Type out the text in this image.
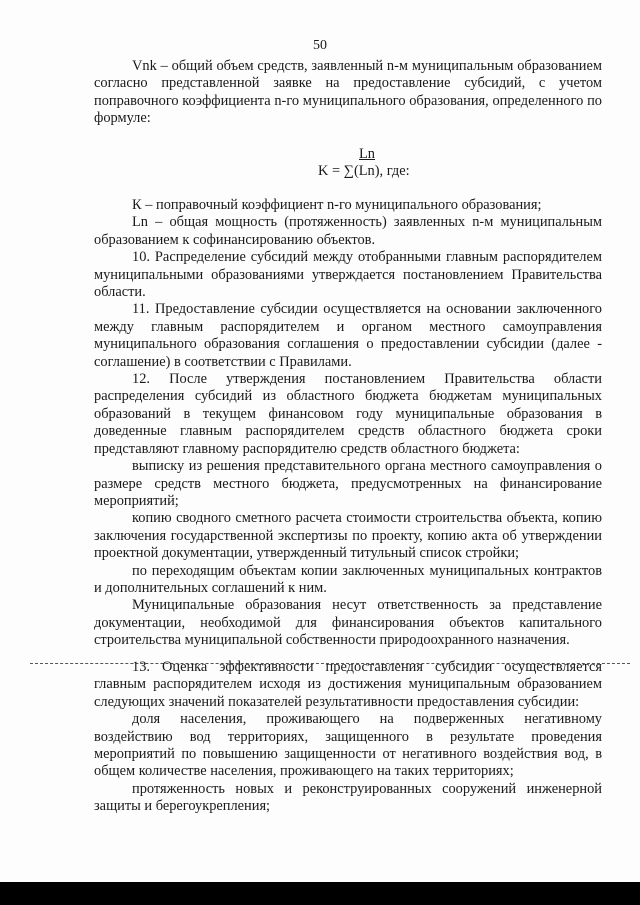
50

Vnk – общий объем средств, заявленный n-м муниципальным образованием согласно представленной заявке на предоставление субсидий, с учетом поправочного коэффициента n-го муниципального образования, определенного по формуле:

Ln
K = ∑(Ln), где:

К – поправочный коэффициент n-го муниципального образования;

Ln – общая мощность (протяженность) заявленных n-м муниципальным образованием к софинансированию объектов.

10. Распределение субсидий между отобранными главным распорядителем муниципальными образованиями утверждается постановлением Правительства области.

11. Предоставление субсидии осуществляется на основании заключенного между главным распорядителем и органом местного самоуправления муниципального образования соглашения о предоставлении субсидии (далее - соглашение) в соответствии с Правилами.

12. После утверждения постановлением Правительства области распределения субсидий из областного бюджета бюджетам муниципальных образований в текущем финансовом году муниципальные образования в доведенные главным распорядителем средств областного бюджета сроки представляют главному распорядителю средств областного бюджета:

выписку из решения представительного органа местного самоуправления о размере средств местного бюджета, предусмотренных на финансирование мероприятий;

копию сводного сметного расчета стоимости строительства объекта, копию заключения государственной экспертизы по проекту, копию акта об утверждении проектной документации, утвержденный титульный список стройки;

по переходящим объектам копии заключенных муниципальных контрактов и дополнительных соглашений к ним.

Муниципальные образования несут ответственность за представление документации, необходимой для финансирования объектов капитального строительства муниципальной собственности природоохранного назначения.

13. Оценка эффективности предоставления субсидии осуществляется главным распорядителем исходя из достижения муниципальным образованием следующих значений показателей результативности предоставления субсидии:

доля населения, проживающего на подверженных негативному воздействию вод территориях, защищенного в результате проведения мероприятий по повышению защищенности от негативного воздействия вод, в общем количестве населения, проживающего на таких территориях;

протяженность новых и реконструированных сооружений инженерной защиты и берегоукрепления;
